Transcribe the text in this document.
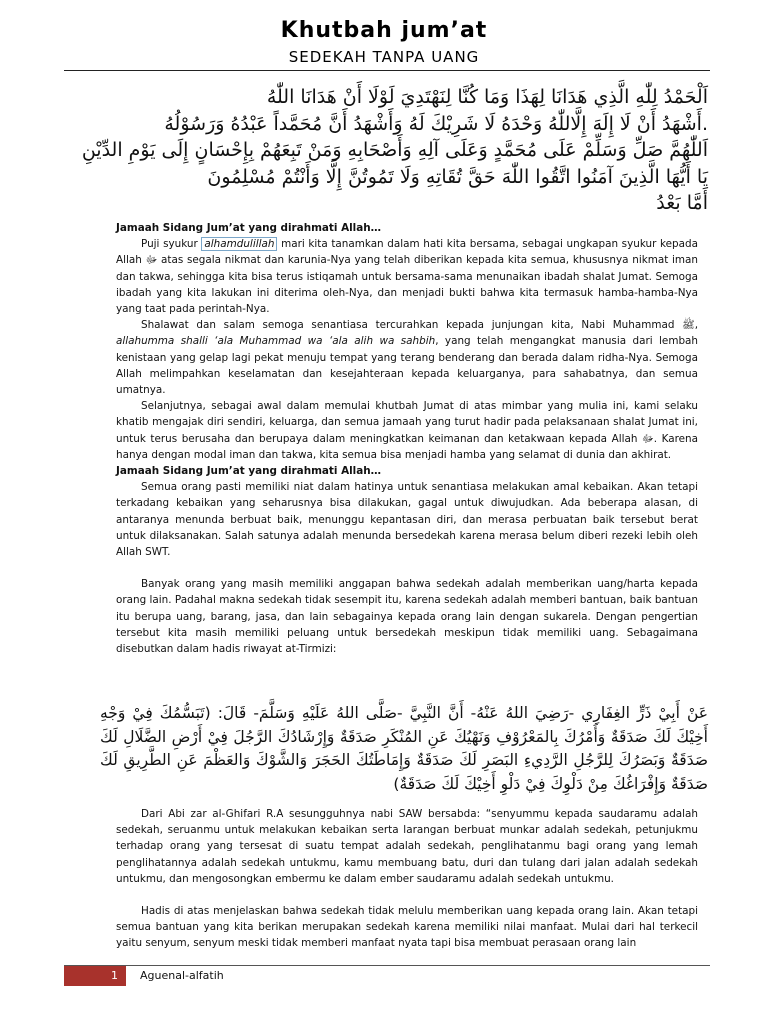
Khutbah jum’at
SEDEKAH TANPA UANG
اَلْحَمْدُ لِلّٰهِ الَّذِي هَدَانَا لِهَذَا وَمَا كُنَّا لِنَهْتَدِيَ لَوْلَا أَنْ هَدَانَا اللّٰهُ
.أَشْهَدُ أَنْ لَا إِلَهَ إِلَّاللّٰهُ وَحْدَهُ لَا شَرِيْكَ لَهُ وَأَشْهَدُ أَنَّ مُحَمَّداً عَبْدُهُ وَرَسُوْلُهُ
اَللّٰهُمَّ صَلِّ وَسَلِّمْ عَلَى مُحَمَّدٍ وَعَلَى آلِهِ وَأَصْحَابِهِ وَمَنْ تَبِعَهُمْ بِإِحْسَانٍ إِلَى يَوْمِ الدِّيْنِ
يَا أَيُّهَا الَّذِينَ آمَنُوا اتَّقُوا اللّٰهَ حَقَّ تُقَاتِهِ وَلَا تَمُوتُنَّ إِلَّا وَأَنْتُمْ مُسْلِمُونَ
أَمَّا بَعْدُ

Jamaah Sidang Jum’at yang dirahmati Allah…

Puji syukur alhamdulillah mari kita tanamkan dalam hati kita bersama, sebagai ungkapan syukur kepada Allah ﷻ atas segala nikmat dan karunia-Nya yang telah diberikan kepada kita semua, khususnya nikmat iman dan takwa, sehingga kita bisa terus istiqamah untuk bersama-sama menunaikan ibadah shalat Jumat. Semoga ibadah yang kita lakukan ini diterima oleh-Nya, dan menjadi bukti bahwa kita termasuk hamba-hamba-Nya yang taat pada perintah-Nya.

Shalawat dan salam semoga senantiasa tercurahkan kepada junjungan kita, Nabi Muhammad ﷺ, allahumma shalli ‘ala Muhammad wa ‘ala alih wa sahbih, yang telah mengangkat manusia dari lembah kenistaan yang gelap lagi pekat menuju tempat yang terang benderang dan berada dalam ridha-Nya. Semoga Allah melimpahkan keselamatan dan kesejahteraan kepada keluarganya, para sahabatnya, dan semua umatnya.

Selanjutnya, sebagai awal dalam memulai khutbah Jumat di atas mimbar yang mulia ini, kami selaku khatib mengajak diri sendiri, keluarga, dan semua jamaah yang turut hadir pada pelaksanaan shalat Jumat ini, untuk terus berusaha dan berupaya dalam meningkatkan keimanan dan ketakwaan kepada Allah ﷻ. Karena hanya dengan modal iman dan takwa, kita semua bisa menjadi hamba yang selamat di dunia dan akhirat.

Jamaah Sidang Jum’at yang dirahmati Allah…

Semua orang pasti memiliki niat dalam hatinya untuk senantiasa melakukan amal kebaikan. Akan tetapi terkadang kebaikan yang seharusnya bisa dilakukan, gagal untuk diwujudkan. Ada beberapa alasan, di antaranya menunda berbuat baik, menunggu kepantasan diri, dan merasa perbuatan baik tersebut berat untuk dilaksanakan. Salah satunya adalah menunda bersedekah karena merasa belum diberi rezeki lebih oleh Allah SWT.

Banyak orang yang masih memiliki anggapan bahwa sedekah adalah memberikan uang/harta kepada orang lain. Padahal makna sedekah tidak sesempit itu, karena sedekah adalah memberi bantuan, baik bantuan itu berupa uang, barang, jasa, dan lain sebagainya kepada orang lain dengan sukarela. Dengan pengertian tersebut kita masih memiliki peluang untuk bersedekah meskipun tidak memiliki uang. Sebagaimana disebutkan dalam hadis riwayat at-Tirmizi:

عَنْ أَبِيْ ذَرٍّ الغِفَارِي -رَضِيَ اللهُ عَنْهُ- أَنَّ النَّبِيَّ -صَلَّى اللهُ عَلَيْهِ وَسَلَّمَ- قَالَ: (تَبَسُّمُكَ فِيْ وَجْهِ أَخِيْكَ لَكَ صَدَقَةٌ وَأَمْرُكَ بِالمَعْرُوْفِ وَنَهْيُكَ عَنِ المُنْكَرِ صَدَقَةٌ وَإِرْشَادُكَ الرَّجُلَ فِيْ أَرْضِ الضَّلَالِ لَكَ صَدَقَةٌ وَبَصَرُكَ لِلرَّجُلِ الرَّدِيءِ البَصَرِ لَكَ صَدَقَةٌ وَإِمَاطَتُكَ الحَجَرَ وَالشَّوْكَ وَالعَظْمَ عَنِ الطَّرِيقِ لَكَ صَدَقَةٌ وَإِفْرَاغُكَ مِنْ دَلْوِكَ فِيْ دَلْوِ أَخِيْكَ لَكَ صَدَقَةٌ)

Dari Abi zar al-Ghifari R.A sesungguhnya nabi SAW bersabda: “senyummu kepada saudaramu adalah sedekah, seruanmu untuk melakukan kebaikan serta larangan berbuat munkar adalah sedekah, petunjukmu terhadap orang yang tersesat di suatu tempat adalah sedekah, penglihatanmu bagi orang yang lemah penglihatannya adalah sedekah untukmu, kamu membuang batu, duri dan tulang dari jalan adalah sedekah untukmu, dan mengosongkan embermu ke dalam ember saudaramu adalah sedekah untukmu.

Hadis di atas menjelaskan bahwa sedekah tidak melulu memberikan uang kepada orang lain. Akan tetapi semua bantuan yang kita berikan merupakan sedekah karena memiliki nilai manfaat. Mulai dari hal terkecil yaitu senyum, senyum meski tidak memberi manfaat nyata tapi bisa membuat perasaan orang lain

1 Aguenal-alfatih
